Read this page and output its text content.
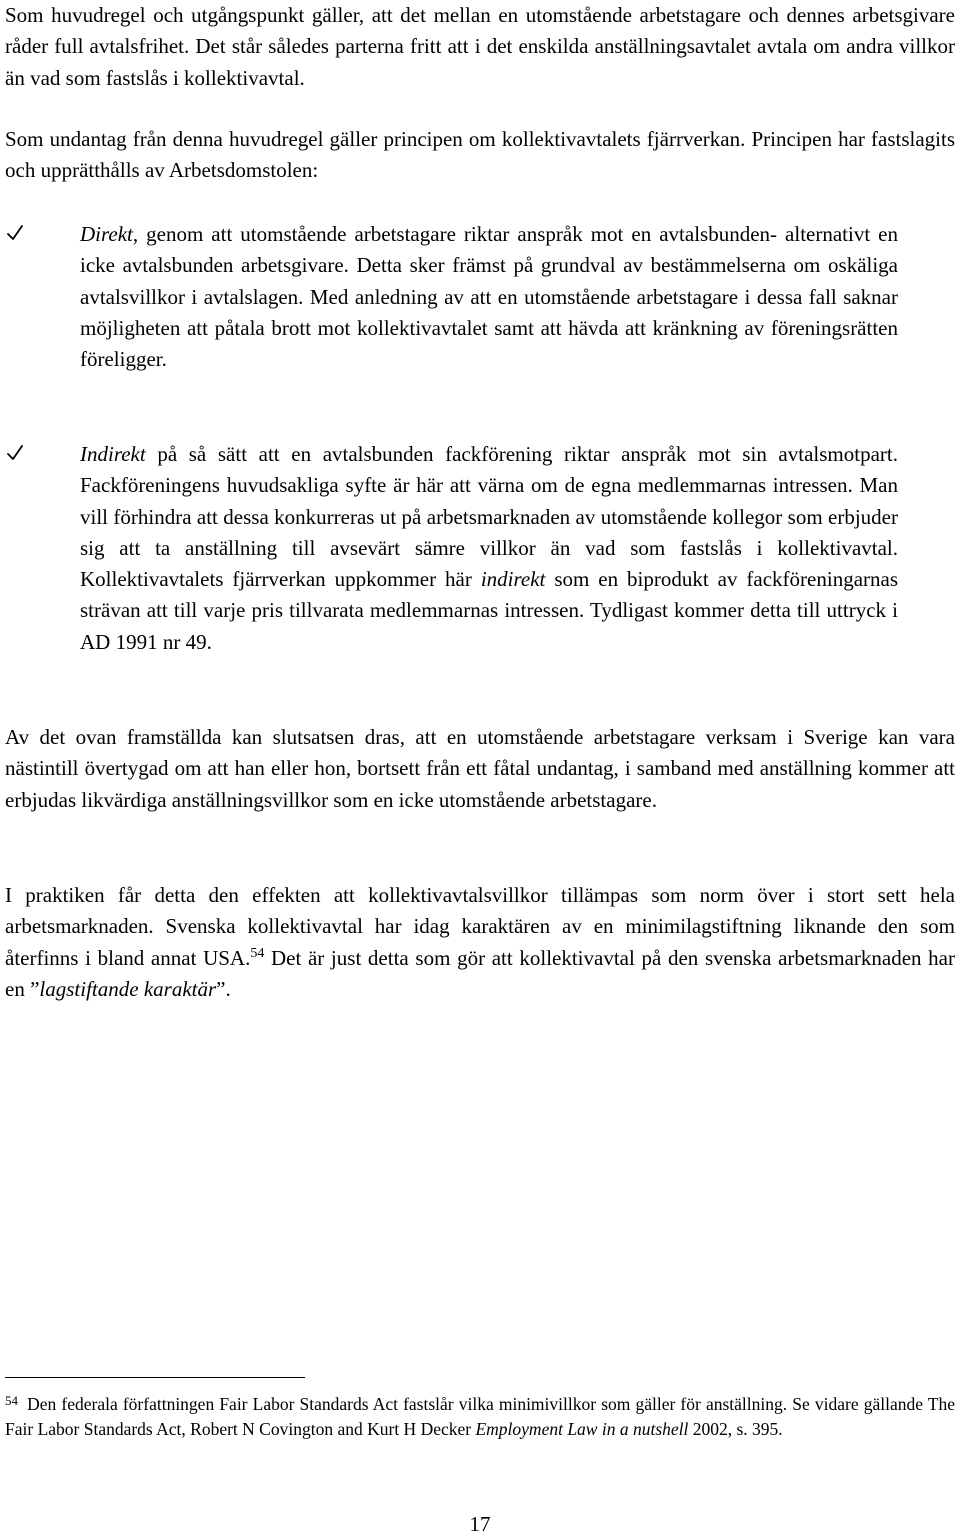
Som huvudregel och utgångspunkt gäller, att det mellan en utomstående arbetstagare och dennes arbetsgivare råder full avtalsfrihet. Det står således parterna fritt att i det enskilda anställningsavtalet avtala om andra villkor än vad som fastslås i kollektivavtal.

Som undantag från denna huvudregel gäller principen om kollektivavtalets fjärrverkan. Principen har fastslagits och upprätthålls av Arbetsdomstolen:

Direkt, genom att utomstående arbetstagare riktar anspråk mot en avtalsbunden- alternativt en icke avtalsbunden arbetsgivare. Detta sker främst på grundval av bestämmelserna om oskäliga avtalsvillkor i avtalslagen. Med anledning av att en utomstående arbetstagare i dessa fall saknar möjligheten att påtala brott mot kollektivavtalet samt att hävda att kränkning av föreningsrätten föreligger.

Indirekt på så sätt att en avtalsbunden fackförening riktar anspråk mot sin avtalsmotpart. Fackföreningens huvudsakliga syfte är här att värna om de egna medlemmarnas intressen. Man vill förhindra att dessa konkurreras ut på arbetsmarknaden av utomstående kollegor som erbjuder sig att ta anställning till avsevärt sämre villkor än vad som fastslås i kollektivavtal. Kollektivavtalets fjärrverkan uppkommer här indirekt som en biprodukt av fackföreningarnas strävan att till varje pris tillvarata medlemmarnas intressen. Tydligast kommer detta till uttryck i AD 1991 nr 49.

Av det ovan framställda kan slutsatsen dras, att en utomstående arbetstagare verksam i Sverige kan vara nästintill övertygad om att han eller hon, bortsett från ett fåtal undantag, i samband med anställning kommer att erbjudas likvärdiga anställningsvillkor som en icke utomstående arbetstagare.

I praktiken får detta den effekten att kollektivavtalsvillkor tillämpas som norm över i stort sett hela arbetsmarknaden. Svenska kollektivavtal har idag karaktären av en minimilagstiftning liknande den som återfinns i bland annat USA.$^{54}$ Det är just detta som gör att kollektivavtal på den svenska arbetsmarknaden har en ”lagstiftande karaktär”.

$^{54}$ Den federala författningen Fair Labor Standards Act fastslår vilka minimivillkor som gäller för anställning. Se vidare gällande The Fair Labor Standards Act, Robert N Covington and Kurt H Decker Employment Law in a nutshell 2002, s. 395.

17
